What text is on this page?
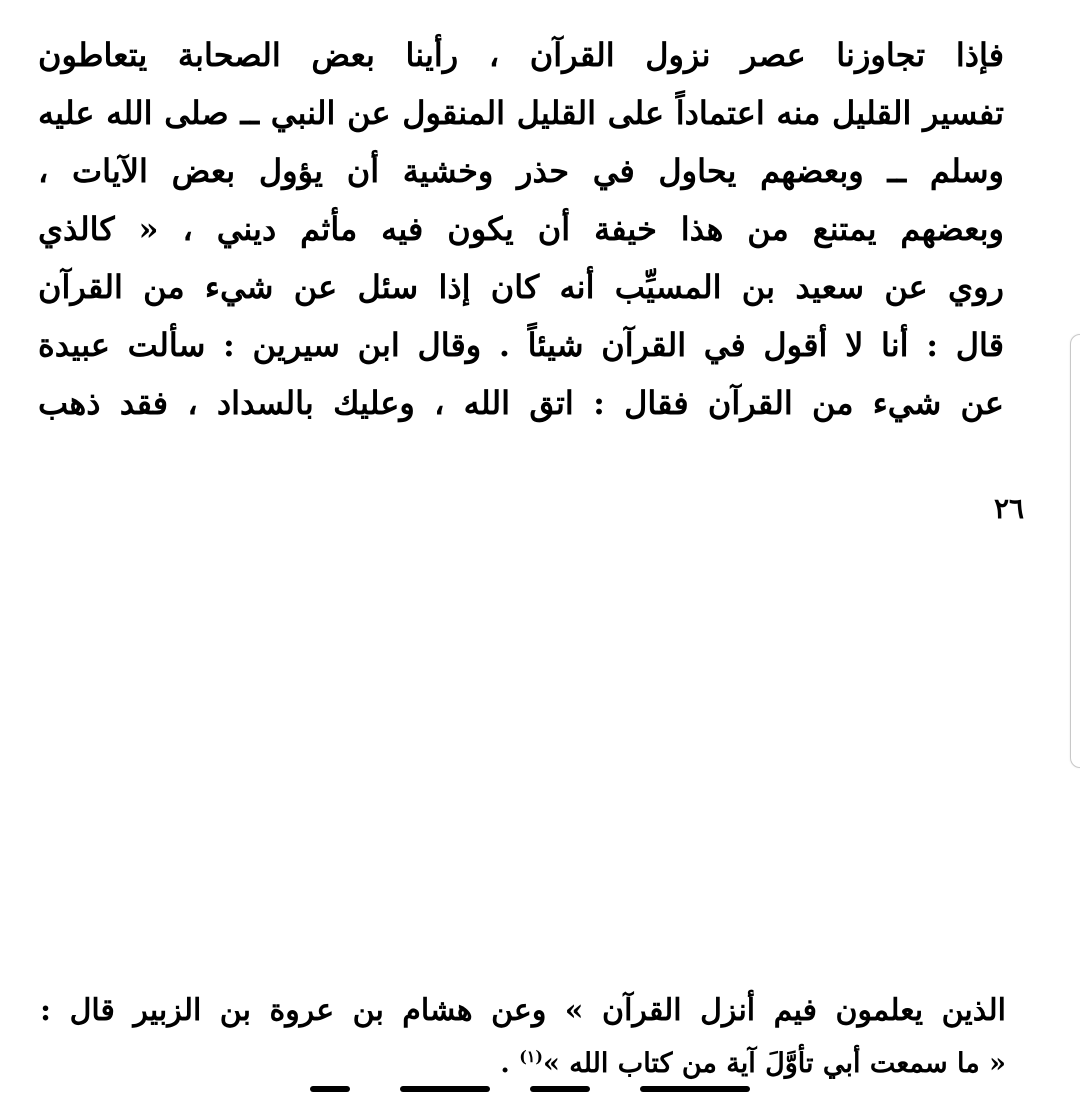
فإذا تجاوزنا عصر نزول القرآن ، رأينا بعض الصحابة يتعاطون
تفسير القليل منه اعتماداً على القليل المنقول عن النبي ــ صلى الله عليه
وسلم ــ وبعضهم يحاول في حذر وخشية أن يؤول بعض الآيات ،
وبعضهم يمتنع من هذا خيفة أن يكون فيه مأثم ديني ، « كالذي
روي عن سعيد بن المسيِّب أنه كان إذا سئل عن شيء من القرآن
قال : أنا لا أقول في القرآن شيئاً . وقال ابن سيرين : سألت عبيدة
عن شيء من القرآن فقال : اتق الله ، وعليك بالسداد ، فقد ذهب
٢٦
الذين يعلمون فيم أنزل القرآن » وعن هشام بن عروة بن الزبير قال :
« ما سمعت أبي تأوَّلَ آية من كتاب الله »$^{(١)}$ .
